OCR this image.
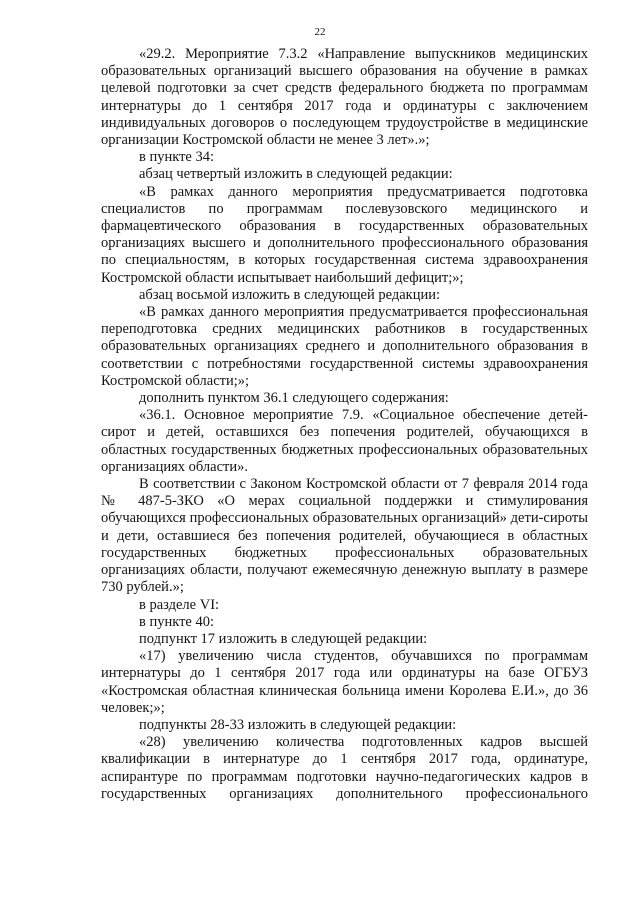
22

«29.2. Мероприятие 7.3.2 «Направление выпускников медицинских образовательных организаций высшего образования на обучение в рамках целевой подготовки за счет средств федерального бюджета по программам интернатуры до 1 сентября 2017 года и ординатуры с заключением индивидуальных договоров о последующем трудоустройстве в медицинские организации Костромской области не менее 3 лет».»;

в пункте 34:

абзац четвертый изложить в следующей редакции:

«В рамках данного мероприятия предусматривается подготовка специалистов по программам послевузовского медицинского и фармацевтического образования в государственных образовательных организациях высшего и дополнительного профессионального образования по специальностям, в которых государственная система здравоохранения Костромской области испытывает наибольший дефицит;»;

абзац восьмой изложить в следующей редакции:

«В рамках данного мероприятия предусматривается профессиональная переподготовка средних медицинских работников в государственных образовательных организациях среднего и дополнительного образования в соответствии с потребностями государственной системы здравоохранения Костромской области;»;

дополнить пунктом 36.1 следующего содержания:

«36.1. Основное мероприятие 7.9. «Социальное обеспечение детей-сирот и детей, оставшихся без попечения родителей, обучающихся в областных государственных бюджетных профессиональных образовательных организациях области».

В соответствии с Законом Костромской области от 7 февраля 2014 года № 487-5-ЗКО «О мерах социальной поддержки и стимулирования обучающихся профессиональных образовательных организаций» дети-сироты и дети, оставшиеся без попечения родителей, обучающиеся в областных государственных бюджетных профессиональных образовательных организациях области, получают ежемесячную денежную выплату в размере 730 рублей.»;

в разделе VI:

в пункте 40:

подпункт 17 изложить в следующей редакции:

«17) увеличению числа студентов, обучавшихся по программам интернатуры до 1 сентября 2017 года или ординатуры на базе ОГБУЗ «Костромская областная клиническая больница имени Королева Е.И.», до 36 человек;»;

подпункты 28-33 изложить в следующей редакции:

«28) увеличению количества подготовленных кадров высшей квалификации в интернатуре до 1 сентября 2017 года, ординатуре, аспирантуре по программам подготовки научно-педагогических кадров в государственных организациях дополнительного профессионального
